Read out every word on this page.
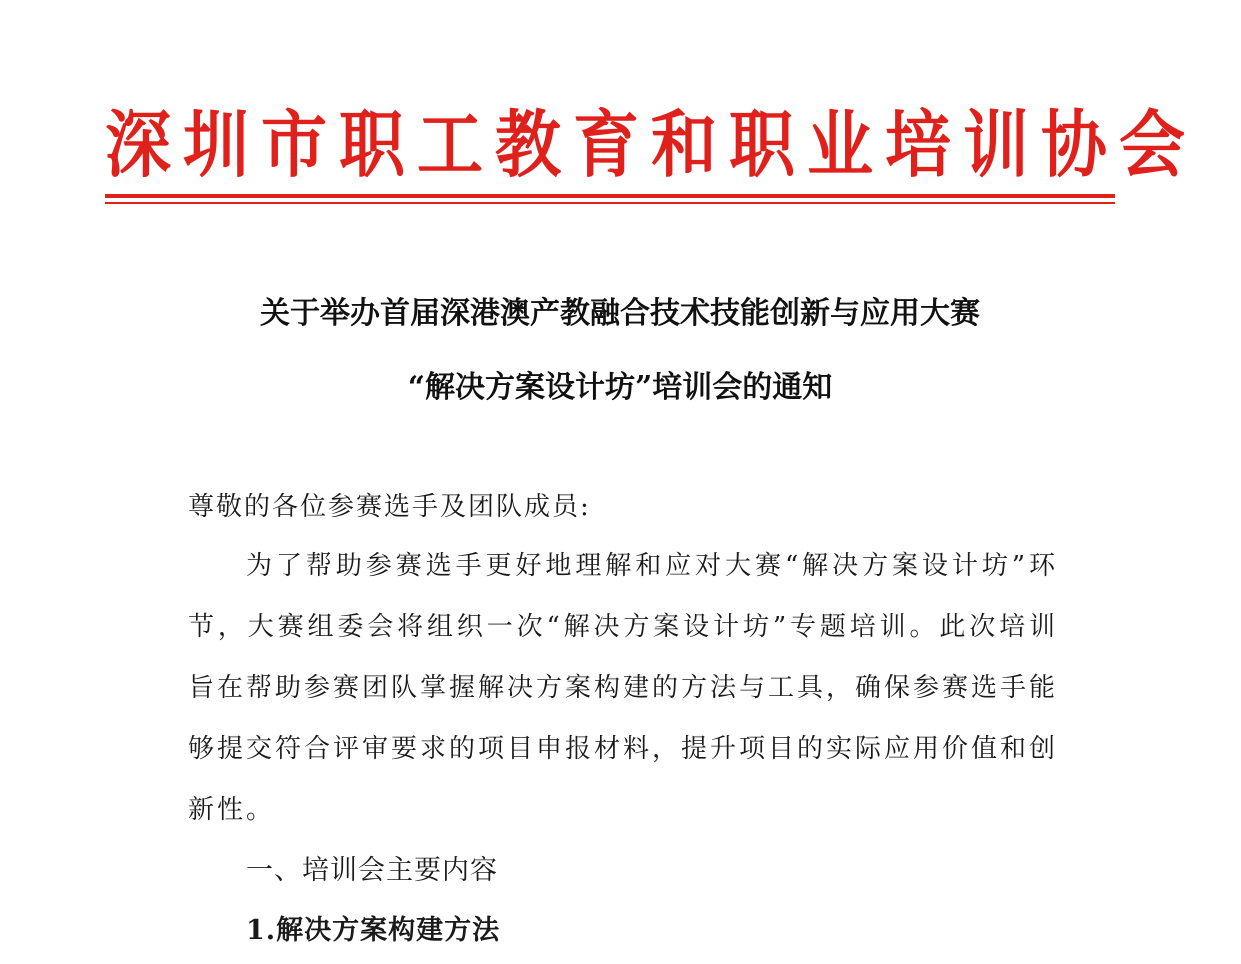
深圳市职工教育和职业培训协会
关于举办首届深港澳产教融合技术技能创新与应用大赛
“解决方案设计坊”培训会的通知
尊敬的各位参赛选手及团队成员:

为了帮助参赛选手更好地理解和应对大赛“解决方案设计坊”环节，大赛组委会将组织一次“解决方案设计坊”专题培训。此次培训旨在帮助参赛团队掌握解决方案构建的方法与工具，确保参赛选手能够提交符合评审要求的项目申报材料，提升项目的实际应用价值和创新性。

一、培训会主要内容
1.解决方案构建方法
